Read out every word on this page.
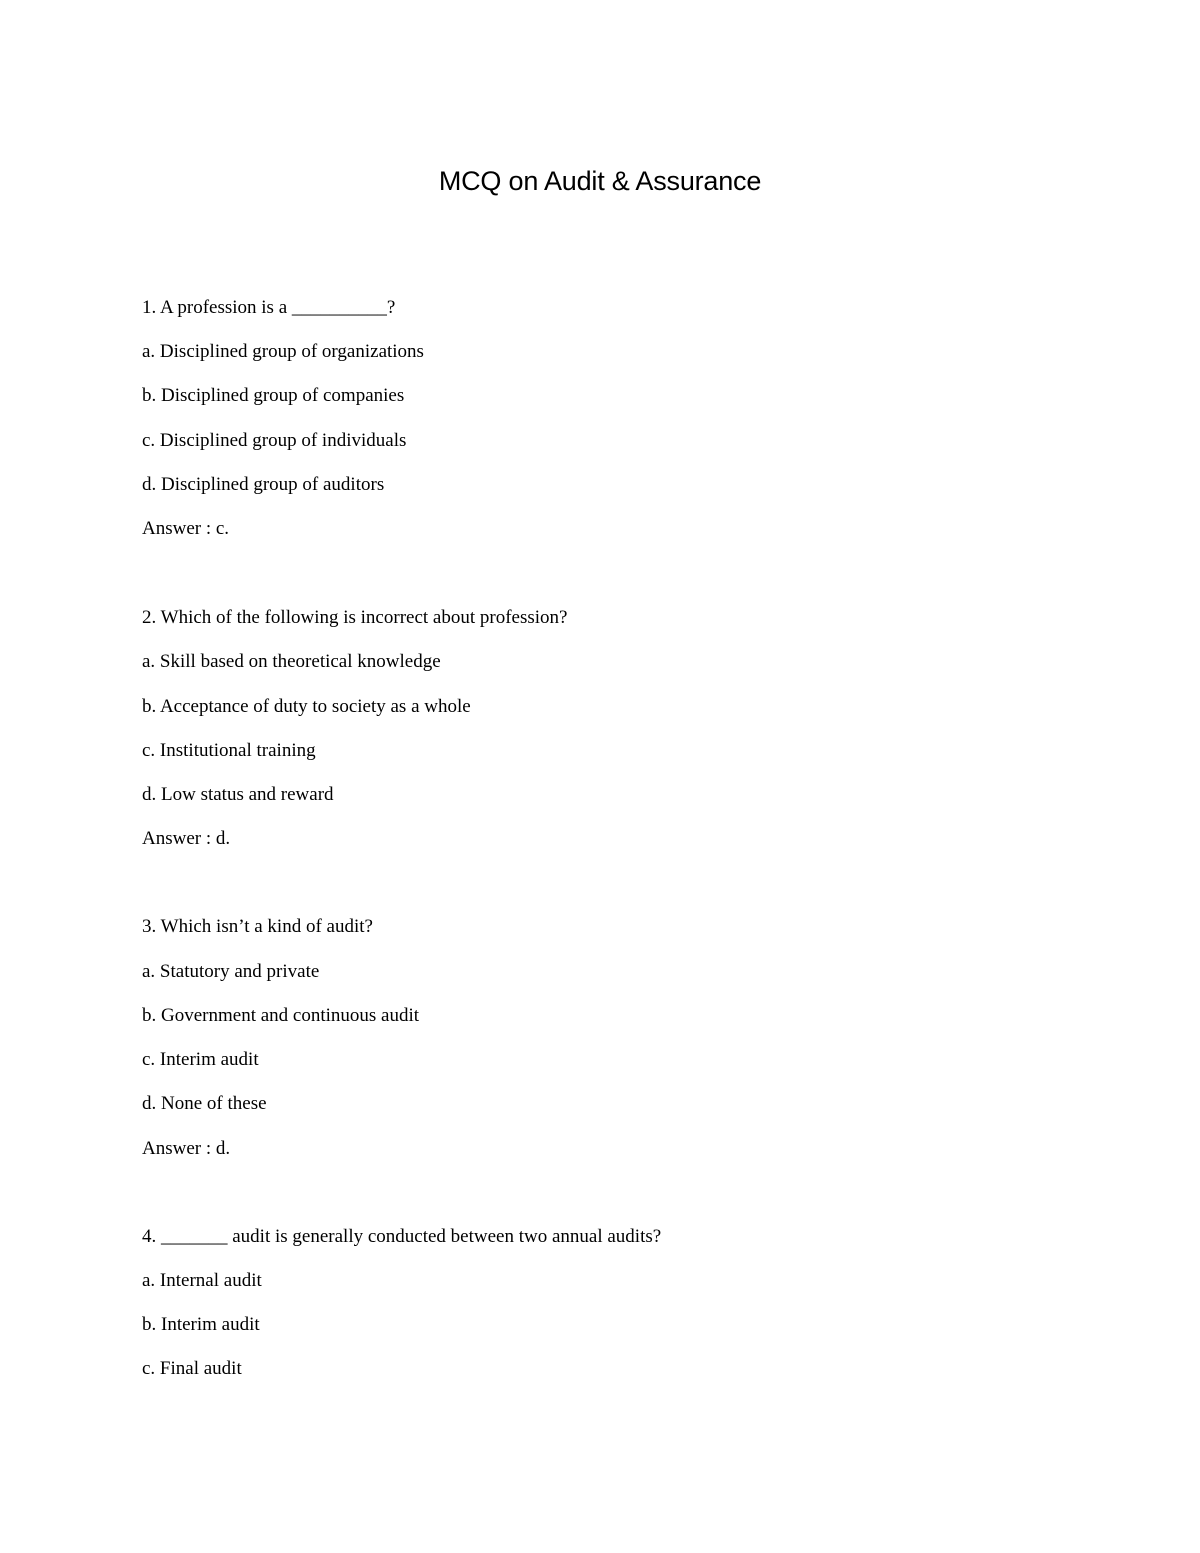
MCQ on Audit & Assurance
1. A profession is a __________?
a. Disciplined group of organizations
b. Disciplined group of companies
c. Disciplined group of individuals
d. Disciplined group of auditors
Answer : c.
2. Which of the following is incorrect about profession?
a. Skill based on theoretical knowledge
b. Acceptance of duty to society as a whole
c. Institutional training
d. Low status and reward
Answer : d.
3. Which isn’t a kind of audit?
a. Statutory and private
b. Government and continuous audit
c. Interim audit
d. None of these
Answer : d.
4. _______ audit is generally conducted between two annual audits?
a. Internal audit
b. Interim audit
c. Final audit
